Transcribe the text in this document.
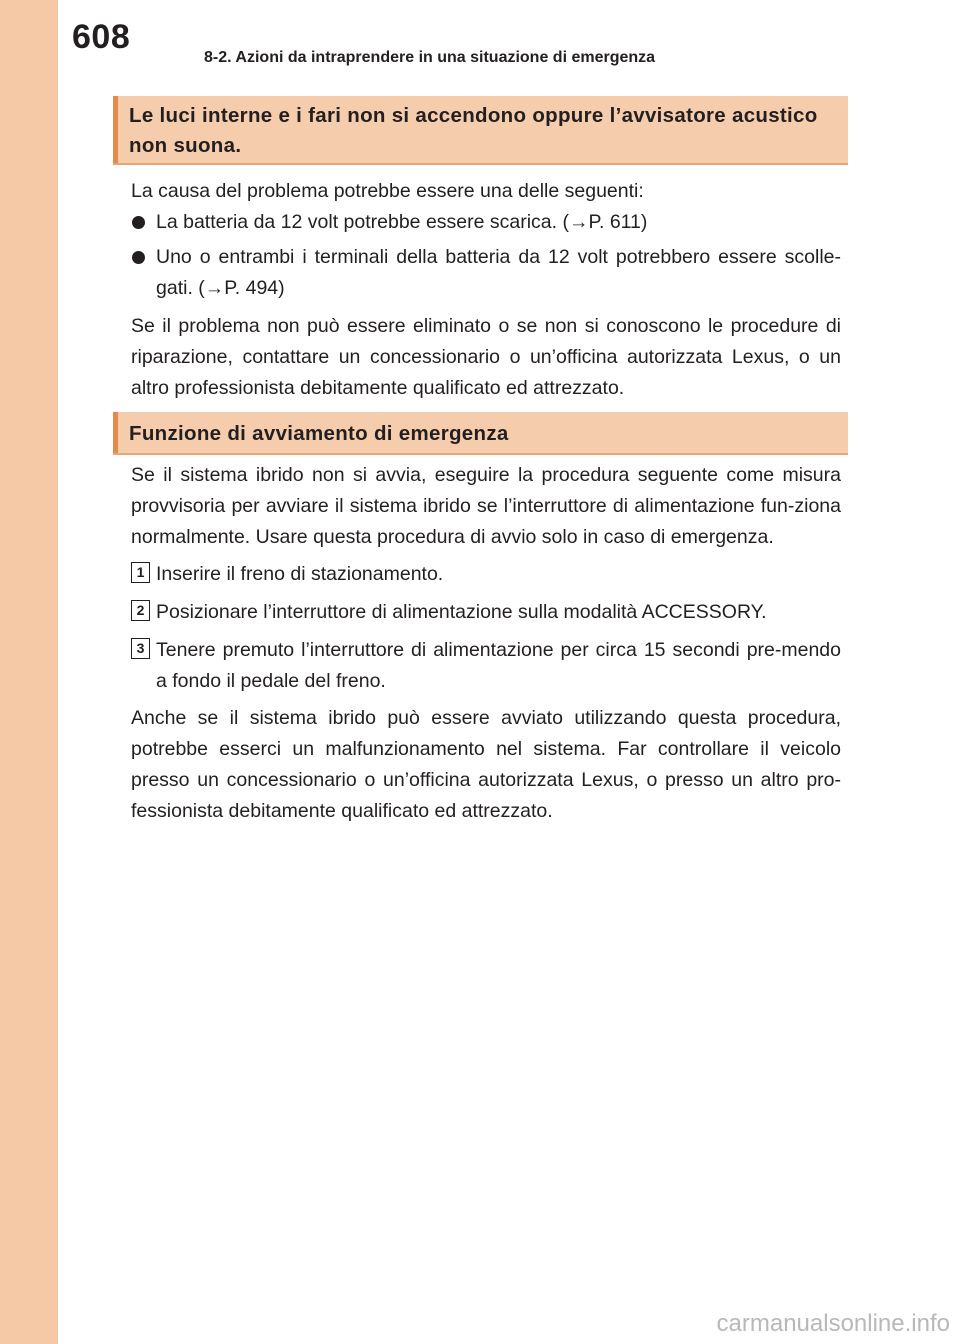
608
8-2. Azioni da intraprendere in una situazione di emergenza
Le luci interne e i fari non si accendono oppure l’avvisatore acustico non suona.
La causa del problema potrebbe essere una delle seguenti:
La batteria da 12 volt potrebbe essere scarica. (→P. 611)
Uno o entrambi i terminali della batteria da 12 volt potrebbero essere scolle-gati. (→P. 494)
Se il problema non può essere eliminato o se non si conoscono le procedure di riparazione, contattare un concessionario o un’officina autorizzata Lexus, o un altro professionista debitamente qualificato ed attrezzato.
Funzione di avviamento di emergenza
Se il sistema ibrido non si avvia, eseguire la procedura seguente come misura provvisoria per avviare il sistema ibrido se l’interruttore di alimentazione fun-ziona normalmente. Usare questa procedura di avvio solo in caso di emergenza.
1 Inserire il freno di stazionamento.
2 Posizionare l’interruttore di alimentazione sulla modalità ACCESSORY.
3 Tenere premuto l’interruttore di alimentazione per circa 15 secondi pre-mendo a fondo il pedale del freno.
Anche se il sistema ibrido può essere avviato utilizzando questa procedura, potrebbe esserci un malfunzionamento nel sistema. Far controllare il veicolo presso un concessionario o un’officina autorizzata Lexus, o presso un altro pro-fessionista debitamente qualificato ed attrezzato.
carmanualsonline.info
